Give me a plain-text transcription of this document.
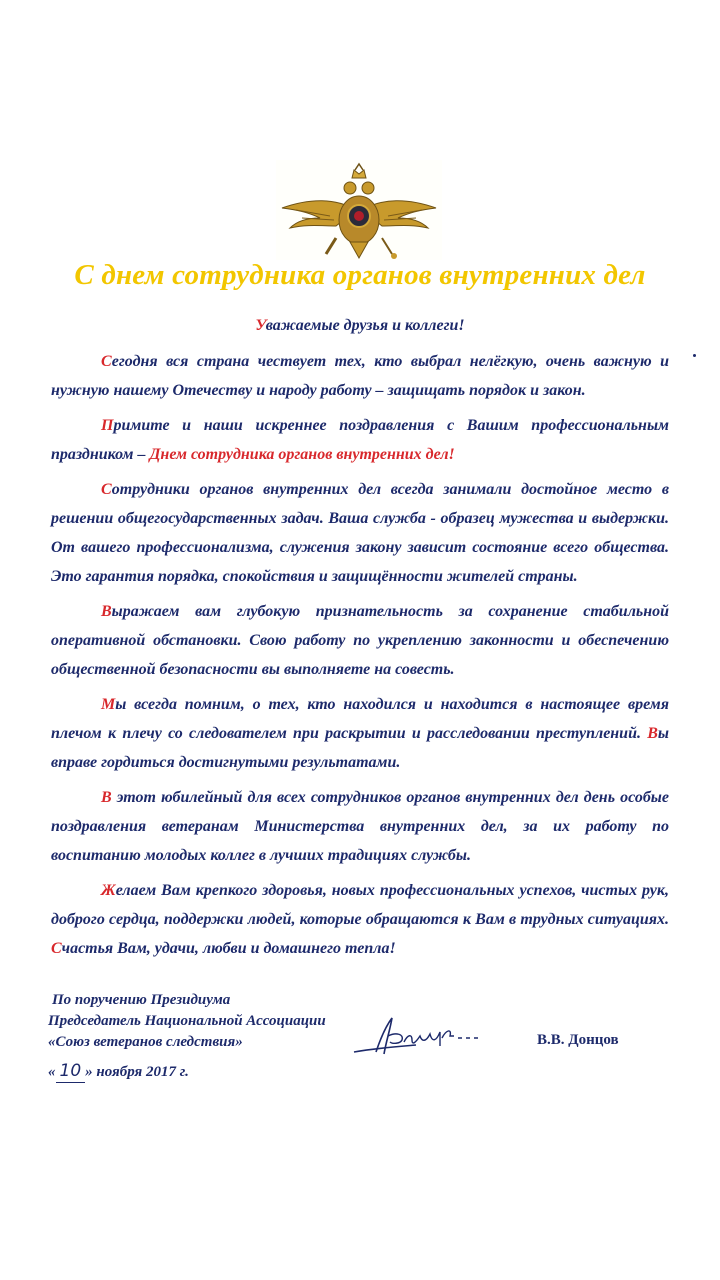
С днем сотрудника органов внутренних дел
Уважаемые друзья и коллеги!

Сегодня вся страна чествует тех, кто выбрал нелёгкую, очень важную и нужную нашему Отечеству и народу работу – защищать порядок и закон.

Примите и наши искреннее поздравления с Вашим профессиональным праздником – Днем сотрудника органов внутренних дел!

Сотрудники органов внутренних дел всегда занимали достойное место в решении общегосударственных задач. Ваша служба - образец мужества и выдержки. От вашего профессионализма, служения закону зависит состояние всего общества. Это гарантия порядка, спокойствия и защищённости жителей страны.

Выражаем вам глубокую признательность за сохранение стабильной оперативной обстановки. Свою работу по укреплению законности и обеспечению общественной безопасности вы выполняете на совесть.

Мы всегда помним, о тех, кто находился и находится в настоящее время плечом к плечу со следователем при раскрытии и расследовании преступлений. Вы вправе гордиться достигнутыми результатами.

В этот юбилейный для всех сотрудников органов внутренних дел день особые поздравления ветеранам Министерства внутренних дел, за их работу по воспитанию молодых коллег в лучших традициях службы.

Желаем Вам крепкого здоровья, новых профессиональных успехов, чистых рук, доброго сердца, поддержки людей, которые обращаются к Вам в трудных ситуациях. Счастья Вам, удачи, любви и домашнего тепла!

По поручению Президиума
Председатель Национальной Ассоциации
«Союз ветеранов следствия»
« 10 » ноября 2017 г.
В.В. Донцов
